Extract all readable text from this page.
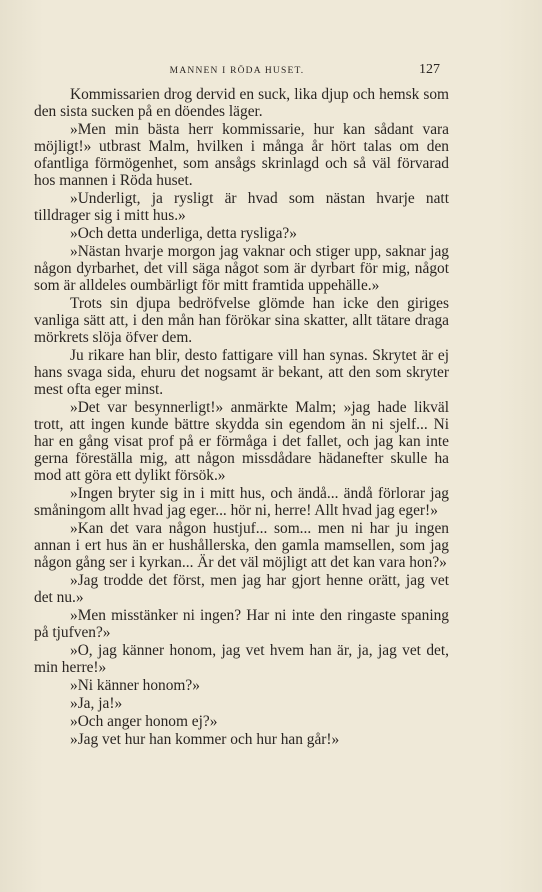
MANNEN I RÖDA HUSET.	127

Kommissarien drog dervid en suck, lika djup och hemsk som den sista sucken på en döendes läger.

»Men min bästa herr kommissarie, hur kan sådant vara möjligt!» utbrast Malm, hvilken i många år hört talas om den ofantliga förmögenhet, som ansågs skrinlagd och så väl förvarad hos mannen i Röda huset.

»Underligt, ja rysligt är hvad som nästan hvarje natt tilldrager sig i mitt hus.»

»Och detta underliga, detta rysliga?»

»Nästan hvarje morgon jag vaknar och stiger upp, saknar jag någon dyrbarhet, det vill säga något som är dyrbart för mig, något som är alldeles oumbärligt för mitt framtida uppehälle.»

Trots sin djupa bedröfvelse glömde han icke den giriges vanliga sätt att, i den mån han förökar sina skatter, allt tätare draga mörkrets slöja öfver dem.

Ju rikare han blir, desto fattigare vill han synas. Skrytet är ej hans svaga sida, ehuru det nogsamt är bekant, att den som skryter mest ofta eger minst.

»Det var besynnerligt!» anmärkte Malm; »jag hade likväl trott, att ingen kunde bättre skydda sin egendom än ni sjelf... Ni har en gång visat prof på er förmåga i det fallet, och jag kan inte gerna föreställa mig, att någon missdådare hädanefter skulle ha mod att göra ett dylikt försök.»

»Ingen bryter sig in i mitt hus, och ändå... ändå förlorar jag småningom allt hvad jag eger... hör ni, herre! Allt hvad jag eger!»

»Kan det vara någon hustjuf... som... men ni har ju ingen annan i ert hus än er hushållerska, den gamla mamsellen, som jag någon gång ser i kyrkan... Är det väl möjligt att det kan vara hon?»

»Jag trodde det först, men jag har gjort henne orätt, jag vet det nu.»

»Men misstänker ni ingen? Har ni inte den ringaste spaning på tjufven?»

»O, jag känner honom, jag vet hvem han är, ja, jag vet det, min herre!»

»Ni känner honom?»

»Ja, ja!»

»Och anger honom ej?»

»Jag vet hur han kommer och hur han går!»
